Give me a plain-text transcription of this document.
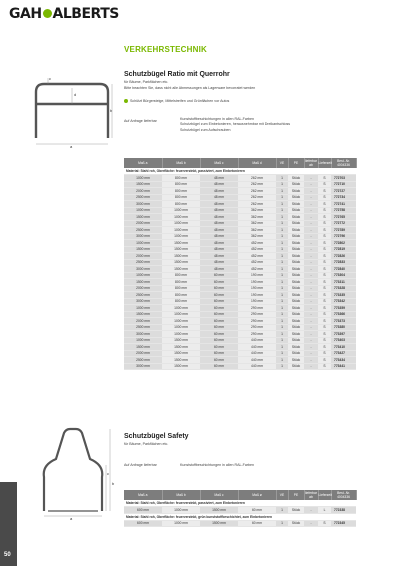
GAH ALBERTS
VERKEHRSTECHNIK
Schutzbügel Ratio mit Querrohr
für Bäume, Parkflächen etc.
Bitte beachten Sie, dass nicht alle Abmessungen als Lagerware bevorratet werden
Schützt Bürgersteige, Mittelstreifen und Grünflächen vor Autos
Auf Anfrage lieferbar	Kunststoffbeschichtungen in allen RAL-Farben
Schutzbügel zum Einbetonieren, herausnehmbar mit Dreikantschloss
Schutzbügel zum Aufschrauben
a
b
c
d
Maß a	Maß b	Maß c	Maß d	VE	PE	lieferbar ab	Lieferzeit	Best.-Nr. 4004336
Material: Stahl roh, Oberfläche: feuerverzinkt, passiviert, zum Einbetonieren								
1000 mm	800 mm	48 mm	262 mm	1	Stück	-	S	772703
1500 mm	800 mm	48 mm	262 mm	1	Stück	-	S	772710
2000 mm	800 mm	48 mm	262 mm	1	Stück	-	S	772727
2500 mm	800 mm	48 mm	262 mm	1	Stück	-	S	772734
3000 mm	800 mm	48 mm	262 mm	1	Stück	-	S	772741
1000 mm	1000 mm	48 mm	362 mm	1	Stück	-	S	772758
1500 mm	1000 mm	48 mm	362 mm	1	Stück	-	S	772765
2000 mm	1000 mm	48 mm	362 mm	1	Stück	-	S	772772
2500 mm	1000 mm	48 mm	362 mm	1	Stück	-	S	772789
3000 mm	1000 mm	48 mm	362 mm	1	Stück	-	S	772796
1000 mm	1500 mm	48 mm	452 mm	1	Stück	-	S	772802
1500 mm	1500 mm	48 mm	452 mm	1	Stück	-	S	772819
2000 mm	1500 mm	48 mm	452 mm	1	Stück	-	S	772826
2500 mm	1500 mm	48 mm	452 mm	1	Stück	-	S	772833
3000 mm	1500 mm	48 mm	452 mm	1	Stück	-	S	772840
1000 mm	800 mm	60 mm	190 mm	1	Stück	-	S	773304
1500 mm	800 mm	60 mm	190 mm	1	Stück	-	S	773311
2000 mm	800 mm	60 mm	190 mm	1	Stück	-	S	773328
2500 mm	800 mm	60 mm	190 mm	1	Stück	-	S	773335
3000 mm	800 mm	60 mm	190 mm	1	Stück	-	S	773342
1000 mm	1000 mm	60 mm	290 mm	1	Stück	-	S	773359
1500 mm	1000 mm	60 mm	290 mm	1	Stück	-	S	773366
2000 mm	1000 mm	60 mm	290 mm	1	Stück	-	S	773373
2500 mm	1000 mm	60 mm	290 mm	1	Stück	-	S	773380
3000 mm	1000 mm	60 mm	290 mm	1	Stück	-	S	773397
1000 mm	1500 mm	60 mm	440 mm	1	Stück	-	S	773403
1500 mm	1500 mm	60 mm	440 mm	1	Stück	-	S	773410
2000 mm	1500 mm	60 mm	440 mm	1	Stück	-	S	773427
2500 mm	1500 mm	60 mm	440 mm	1	Stück	-	S	773434
3000 mm	1500 mm	60 mm	440 mm	1	Stück	-	S	773441
Schutzbügel Safety
für Bäume, Parkflächen etc.
Auf Anfrage lieferbar	Kunststoffbeschichtungen in allen RAL-Farben
a
b
c
Maß a	Maß b	Maß c	Maß ø	VE	PE	lieferbar ab	Lieferzeit	Best.-Nr. 4004336
Material: Stahl roh, Oberfläche: feuerverzinkt, passiviert, zum Einbetonieren								
600 mm	1000 mm	1500 mm	60 mm	1	Stück	-	L	772338
Material: Stahl roh, Oberfläche: feuerverzinkt, grün kunststoffbeschichtet, zum Einbetonieren								
600 mm	1000 mm	1500 mm	60 mm	1	Stück	-	S	772345
50
